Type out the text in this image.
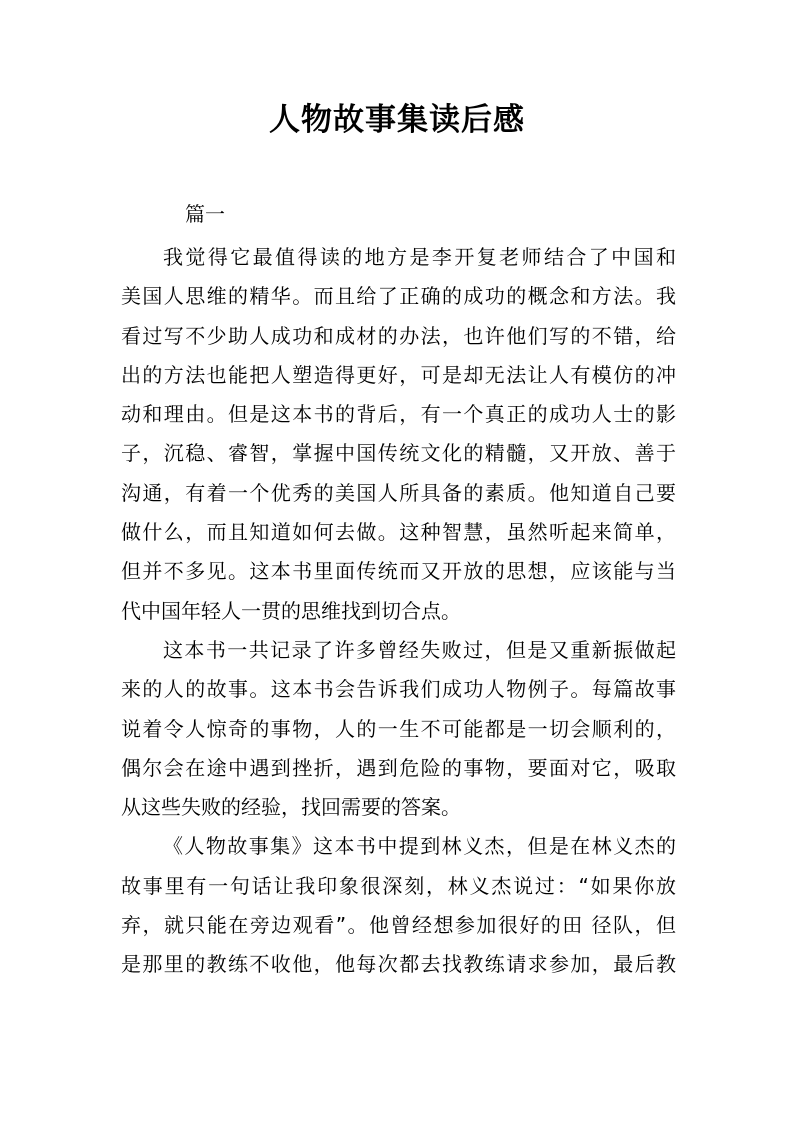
人物故事集读后感
篇一
我觉得它最值得读的地方是李开复老师结合了中国和
美国人思维的精华。而且给了正确的成功的概念和方法。我
看过写不少助人成功和成材的办法，也许他们写的不错，给
出的方法也能把人塑造得更好，可是却无法让人有模仿的冲
动和理由。但是这本书的背后，有一个真正的成功人士的影
子，沉稳、睿智，掌握中国传统文化的精髓，又开放、善于
沟通，有着一个优秀的美国人所具备的素质。他知道自己要
做什么，而且知道如何去做。这种智慧，虽然听起来简单，
但并不多见。这本书里面传统而又开放的思想，应该能与当
代中国年轻人一贯的思维找到切合点。
这本书一共记录了许多曾经失败过，但是又重新振做起
来的人的故事。这本书会告诉我们成功人物例子。每篇故事
说着令人惊奇的事物，人的一生不可能都是一切会顺利的，
偶尔会在途中遇到挫折，遇到危险的事物，要面对它，吸取
从这些失败的经验，找回需要的答案。
《人物故事集》这本书中提到林义杰，但是在林义杰的
故事里有一句话让我印象很深刻，林义杰说过：“如果你放
弃，就只能在旁边观看”。他曾经想参加很好的田 径队，但
是那里的教练不收他，他每次都去找教练请求参加，最后教
